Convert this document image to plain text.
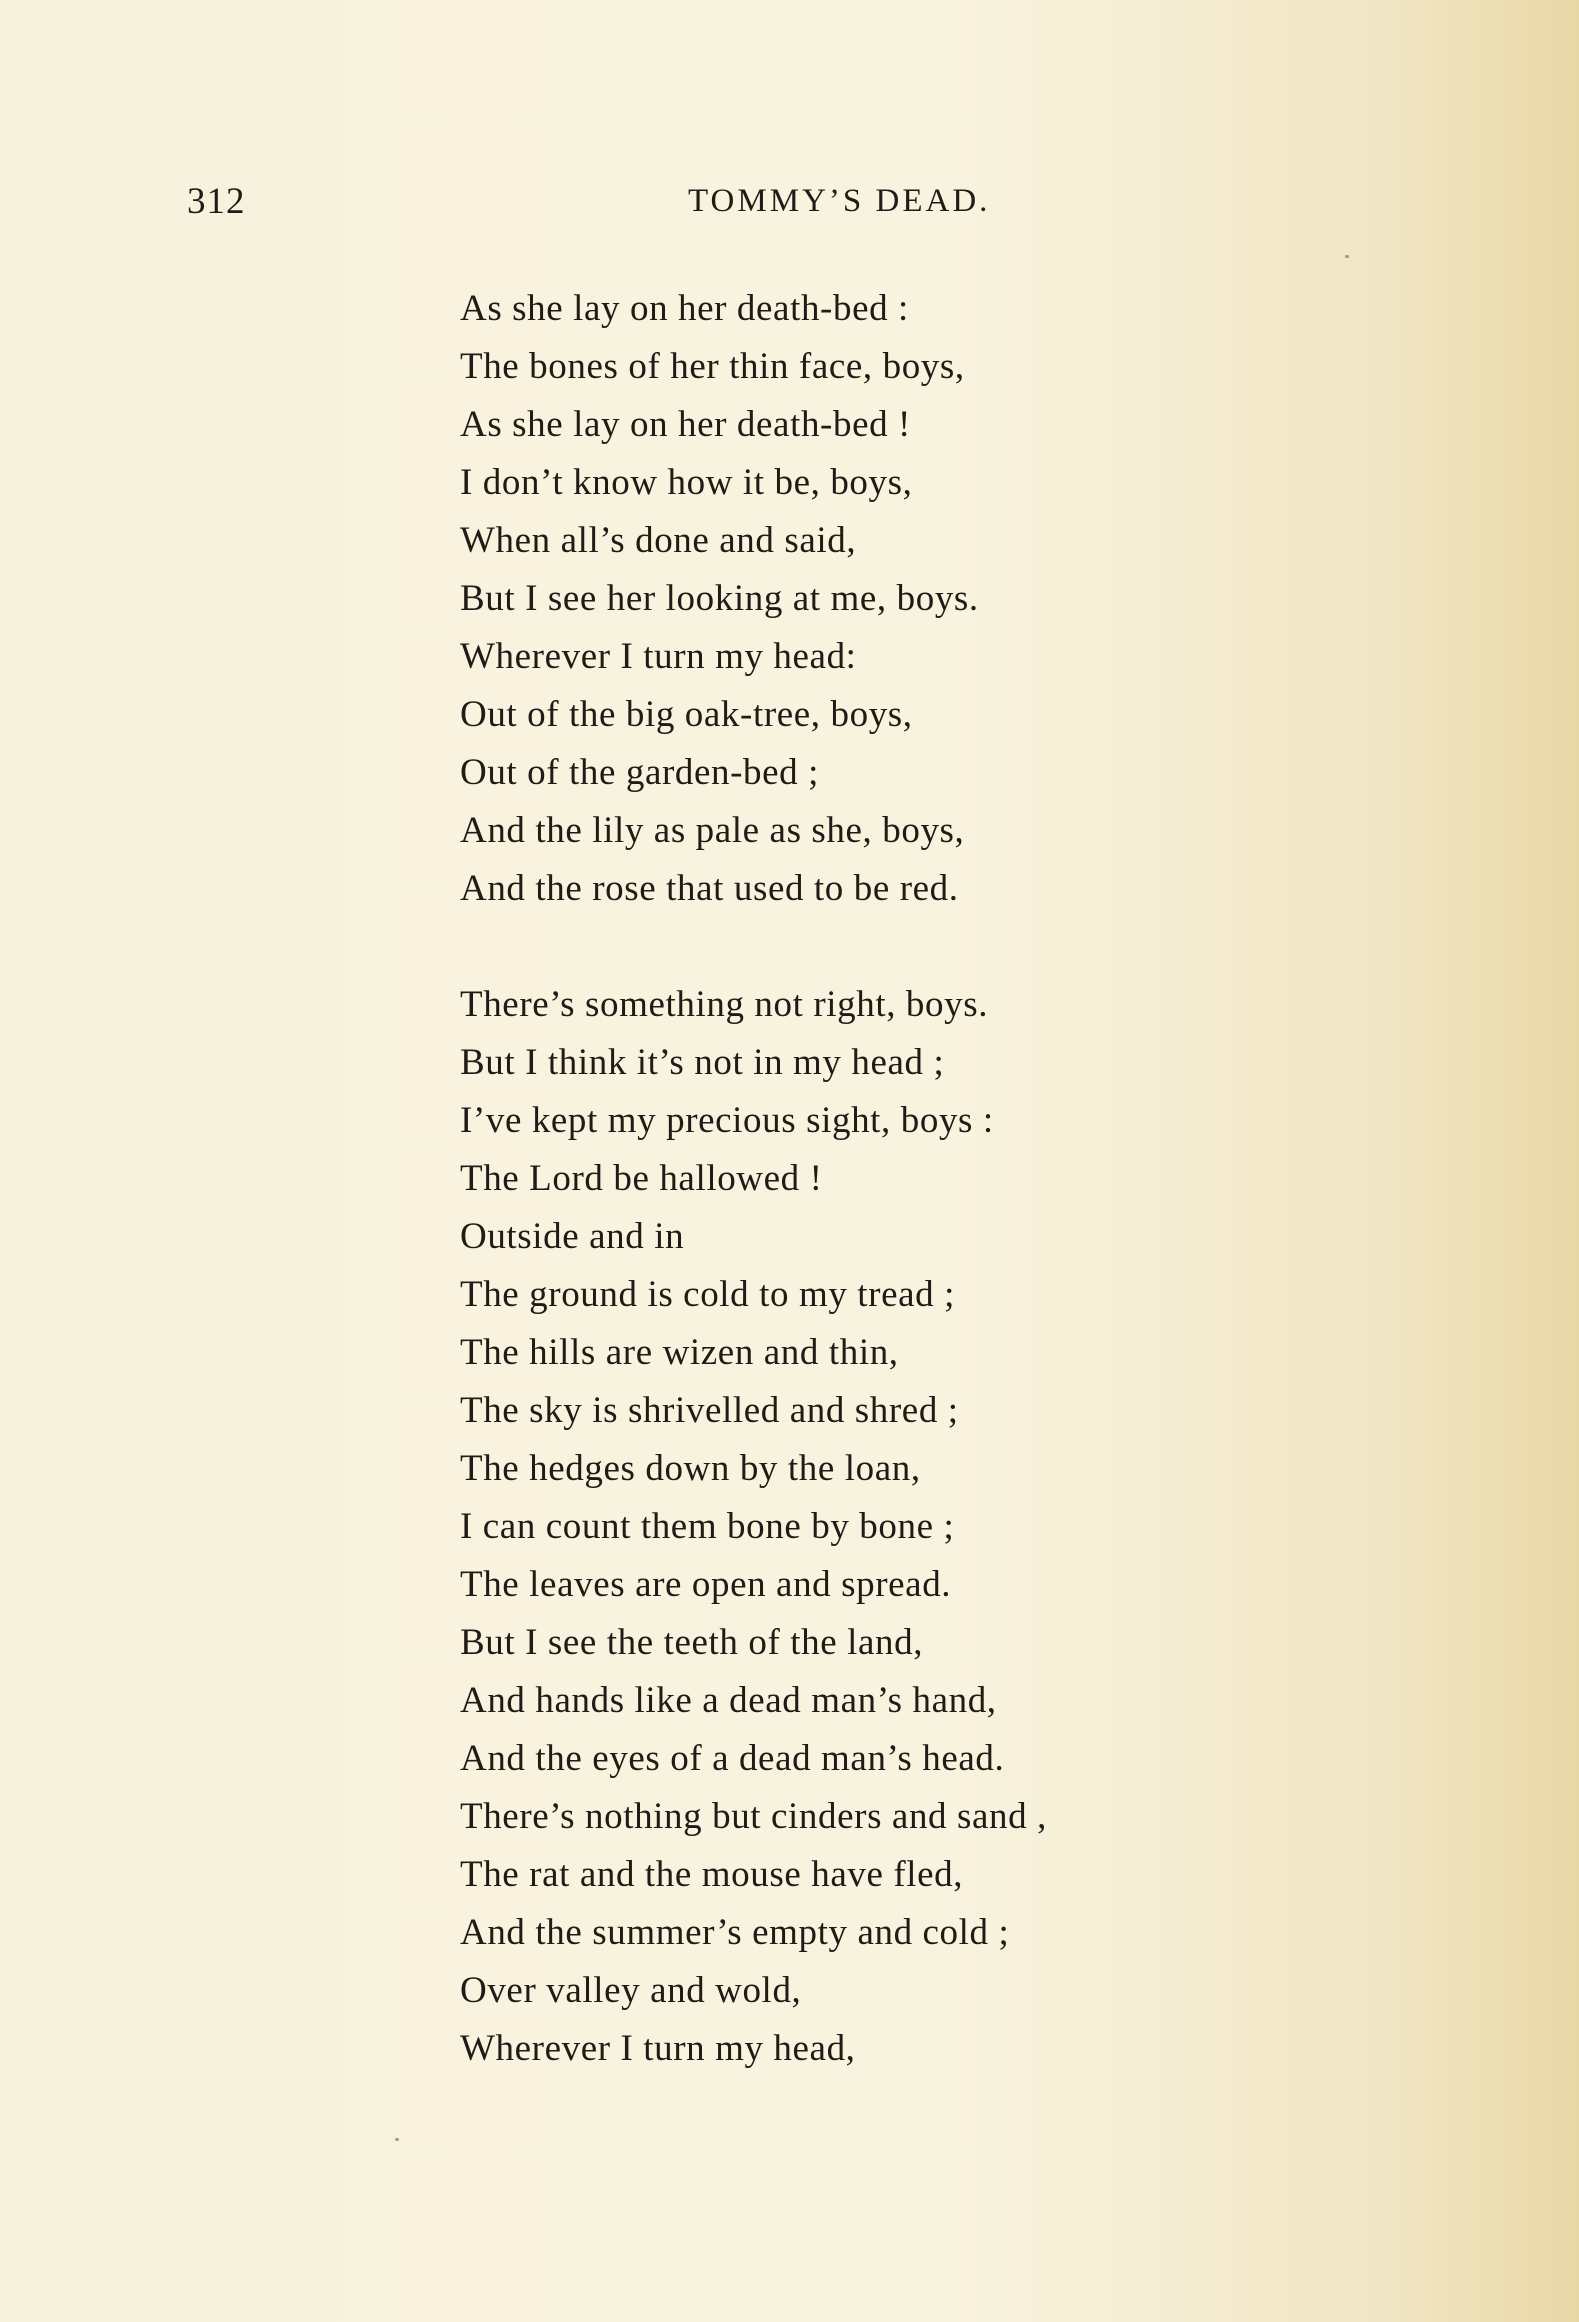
312	TOMMY’S DEAD.
As she lay on her death-bed :
The bones of her thin face, boys,
As she lay on her death-bed !
I don’t know how it be, boys,
When all’s done and said,
But I see her looking at me, boys.
Wherever I turn my head:
Out of the big oak-tree, boys,
Out of the garden-bed ;
And the lily as pale as she, boys,
And the rose that used to be red.
There’s something not right, boys.
But I think it’s not in my head ;
I’ve kept my precious sight, boys :
The Lord be hallowed !
Outside and in
The ground is cold to my tread ;
The hills are wizen and thin,
The sky is shrivelled and shred ;
The hedges down by the loan,
I can count them bone by bone ;
The leaves are open and spread.
But I see the teeth of the land,
And hands like a dead man’s hand,
And the eyes of a dead man’s head.
There’s nothing but cinders and sand ,
The rat and the mouse have fled,
And the summer’s empty and cold ;
Over valley and wold,
Wherever I turn my head,
